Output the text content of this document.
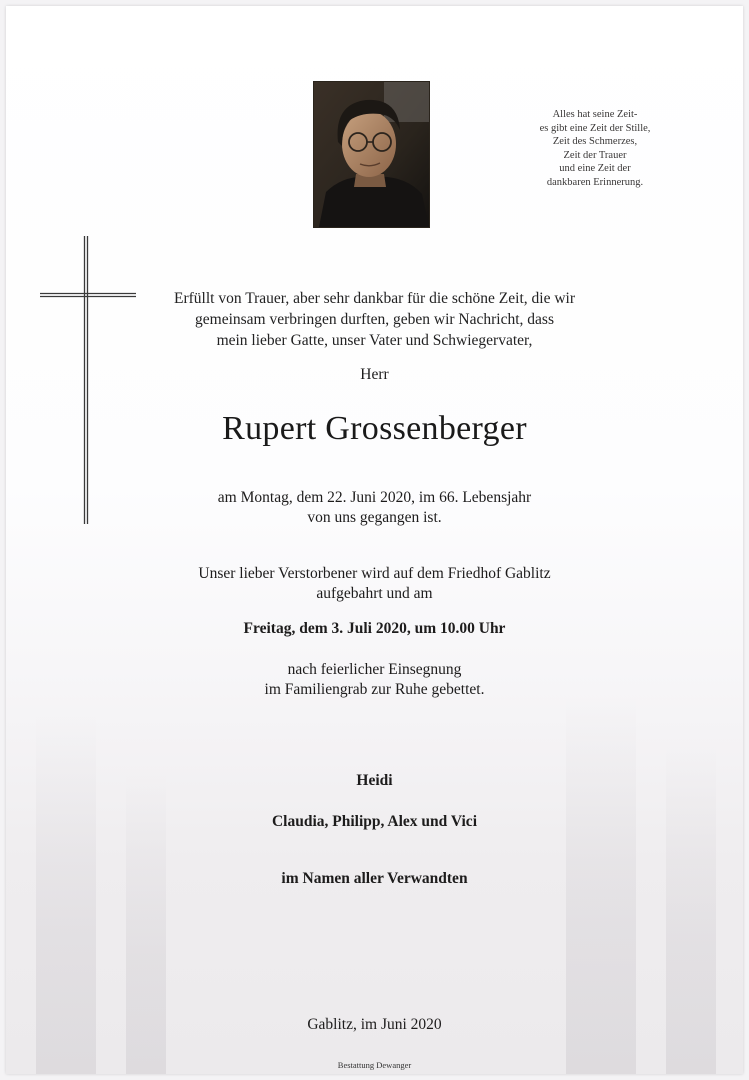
Alles hat seine Zeit-
es gibt eine Zeit der Stille,
Zeit des Schmerzes,
Zeit der Trauer
und eine Zeit der
dankbaren Erinnerung.
Erfüllt von Trauer, aber sehr dankbar für die schöne Zeit, die wir
gemeinsam verbringen durften, geben wir Nachricht, dass
mein lieber Gatte, unser Vater und Schwiegervater,
Herr
Rupert Grossenberger
am Montag, dem 22. Juni 2020, im 66. Lebensjahr
von uns gegangen ist.
Unser lieber Verstorbener wird auf dem Friedhof Gablitz
aufgebahrt und am
Freitag, dem 3. Juli 2020, um 10.00 Uhr
nach feierlicher Einsegnung
im Familiengrab zur Ruhe gebettet.
Heidi
Claudia, Philipp, Alex und Vici
im Namen aller Verwandten
Gablitz, im Juni 2020
Bestattung Dewanger
